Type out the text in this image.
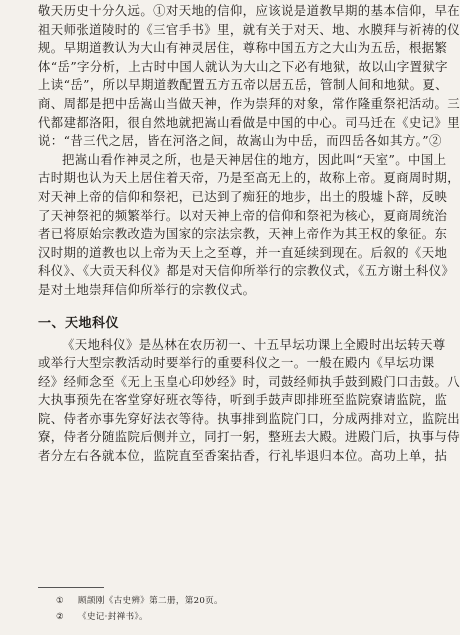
敬天历史十分久远。①对天地的信仰，应该说是道教早期的基本信仰，早在
祖天师张道陵时的《三官手书》里，就有关于对天、地、水膜拜与祈祷的仪
规。早期道教认为大山有神灵居住，尊称中国五方之大山为五岳，根据繁
体“岳”字分析，上古时中国人就认为大山之下必有地狱，故以山字置狱字
上读“岳”，所以早期道教配置五方五帝以居五岳，管制人间和地狱。夏、
商、周都是把中岳嵩山当做天神，作为崇拜的对象，常作隆重祭祀活动。三
代都建都洛阳，很自然地就把嵩山看做是中国的中心。司马迁在《史记》里
说：“昔三代之居，皆在河洛之间，故嵩山为中岳，而四岳各如其方。”②
把嵩山看作神灵之所，也是天神居住的地方，因此叫“天室”。中国上
古时期也认为天上居住着天帝，乃是至高无上的，故称上帝。夏商周时期，
对天神上帝的信仰和祭祀，已达到了痴狂的地步，出土的殷墟卜辞，反映
了天神祭祀的频繁举行。以对天神上帝的信仰和祭祀为核心，夏商周统治
者已将原始宗教改造为国家的宗法宗教，天神上帝作为其王权的象征。东
汉时期的道教也以上帝为天上之至尊，并一直延续到现在。后叙的《天地
科仪》、《大贡天科仪》都是对天信仰所举行的宗教仪式，《五方谢土科仪》
是对土地崇拜信仰所举行的宗教仪式。
一、天地科仪
《天地科仪》是丛林在农历初一、十五早坛功课上全殿时出坛转天尊
或举行大型宗教活动时要举行的重要科仪之一。一般在殿内《早坛功课
经》经师念至《无上玉皇心印妙经》时，司鼓经师执手鼓到殿门口击鼓。八
大执事预先在客堂穿好班衣等待，听到手鼓声即排班至监院寮请监院，监
院、侍者亦事先穿好法衣等待。执事排到监院门口，分成两排对立，监院出
寮，侍者分随监院后侧并立，同打一躬，整班去大殿。进殿门后，执事与侍
者分左右各就本位，监院直至香案拈香，行礼毕退归本位。高功上单，拈
① 顾颉刚《古史辨》第二册，第20页。
② 《史记·封禅书》。
